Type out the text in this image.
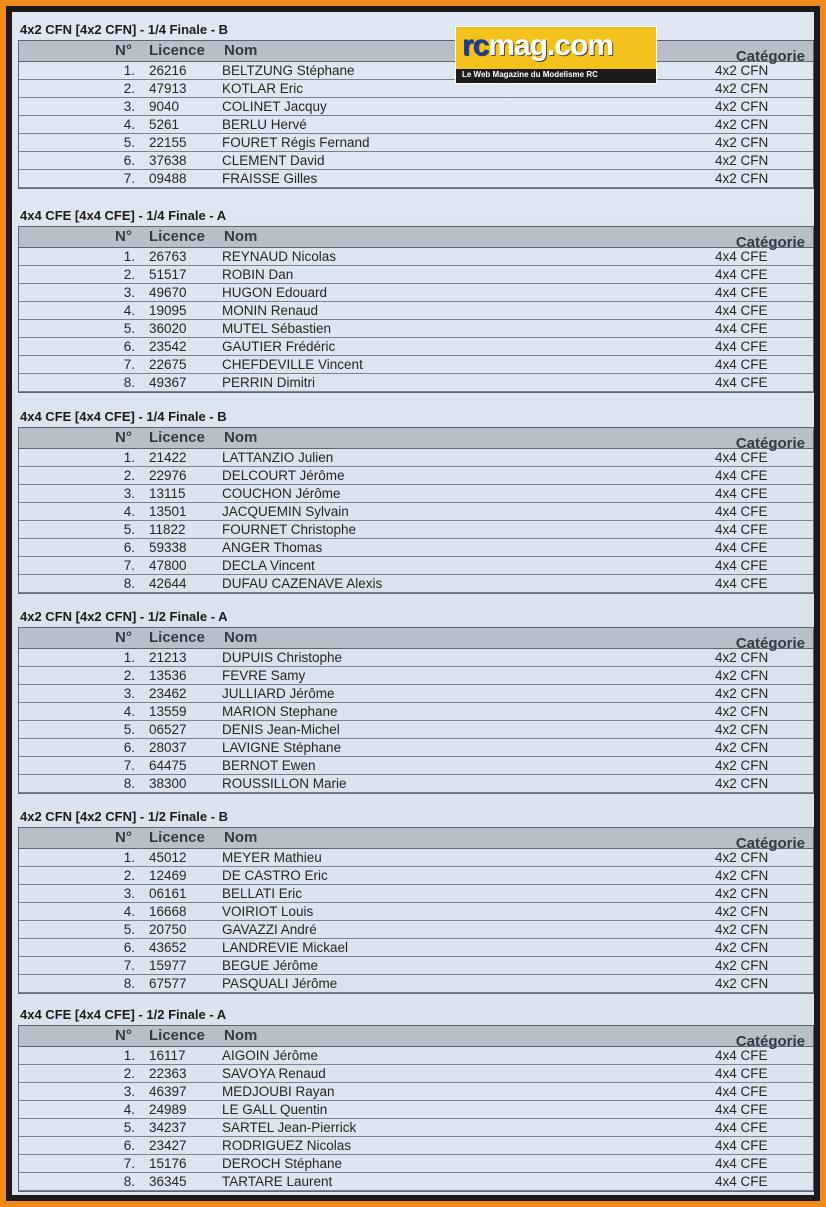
4x2 CFN [4x2 CFN] - 1/4 Finale - B
N° Licence Nom	Catégorie
1. 26216	BELTZUNG Stéphane	4x2 CFN
2. 47913	KOTLAR Eric	4x2 CFN
3. 9040	COLINET Jacquy	4x2 CFN
4. 5261	BERLU Hervé	4x2 CFN
5. 22155	FOURET Régis Fernand	4x2 CFN
6. 37638	CLEMENT David	4x2 CFN
7. 09488	FRAISSE Gilles	4x2 CFN
4x4 CFE [4x4 CFE] - 1/4 Finale - A
N° Licence Nom	Catégorie
1. 26763	REYNAUD Nicolas	4x4 CFE
2. 51517	ROBIN Dan	4x4 CFE
3. 49670	HUGON Edouard	4x4 CFE
4. 19095	MONIN Renaud	4x4 CFE
5. 36020	MUTEL Sébastien	4x4 CFE
6. 23542	GAUTIER Frédéric	4x4 CFE
7. 22675	CHEFDEVILLE Vincent	4x4 CFE
8. 49367	PERRIN Dimitri	4x4 CFE
4x4 CFE [4x4 CFE] - 1/4 Finale - B
N° Licence Nom	Catégorie
1. 21422	LATTANZIO Julien	4x4 CFE
2. 22976	DELCOURT Jérôme	4x4 CFE
3. 13115	COUCHON Jérôme	4x4 CFE
4. 13501	JACQUEMIN Sylvain	4x4 CFE
5. 11822	FOURNET Christophe	4x4 CFE
6. 59338	ANGER Thomas	4x4 CFE
7. 47800	DECLA Vincent	4x4 CFE
8. 42644	DUFAU CAZENAVE Alexis	4x4 CFE
4x2 CFN [4x2 CFN] - 1/2 Finale - A
N° Licence Nom	Catégorie
1. 21213	DUPUIS Christophe	4x2 CFN
2. 13536	FEVRE Samy	4x2 CFN
3. 23462	JULLIARD Jérôme	4x2 CFN
4. 13559	MARION Stephane	4x2 CFN
5. 06527	DENIS Jean-Michel	4x2 CFN
6. 28037	LAVIGNE Stéphane	4x2 CFN
7. 64475	BERNOT Ewen	4x2 CFN
8. 38300	ROUSSILLON Marie	4x2 CFN
4x2 CFN [4x2 CFN] - 1/2 Finale - B
N° Licence Nom	Catégorie
1. 45012	MEYER Mathieu	4x2 CFN
2. 12469	DE CASTRO Eric	4x2 CFN
3. 06161	BELLATI Eric	4x2 CFN
4. 16668	VOIRIOT Louis	4x2 CFN
5. 20750	GAVAZZI André	4x2 CFN
6. 43652	LANDREVIE Mickael	4x2 CFN
7. 15977	BEGUE Jérôme	4x2 CFN
8. 67577	PASQUALI Jérôme	4x2 CFN
4x4 CFE [4x4 CFE] - 1/2 Finale - A
N° Licence Nom	Catégorie
1. 16117	AIGOIN Jérôme	4x4 CFE
2. 22363	SAVOYA Renaud	4x4 CFE
3. 46397	MEDJOUBI Rayan	4x4 CFE
4. 24989	LE GALL Quentin	4x4 CFE
5. 34237	SARTEL Jean-Pierrick	4x4 CFE
6. 23427	RODRIGUEZ Nicolas	4x4 CFE
7. 15176	DEROCH Stéphane	4x4 CFE
8. 36345	TARTARE Laurent	4x4 CFE
rcmag.com
Le Web Magazine du Modelisme RC
